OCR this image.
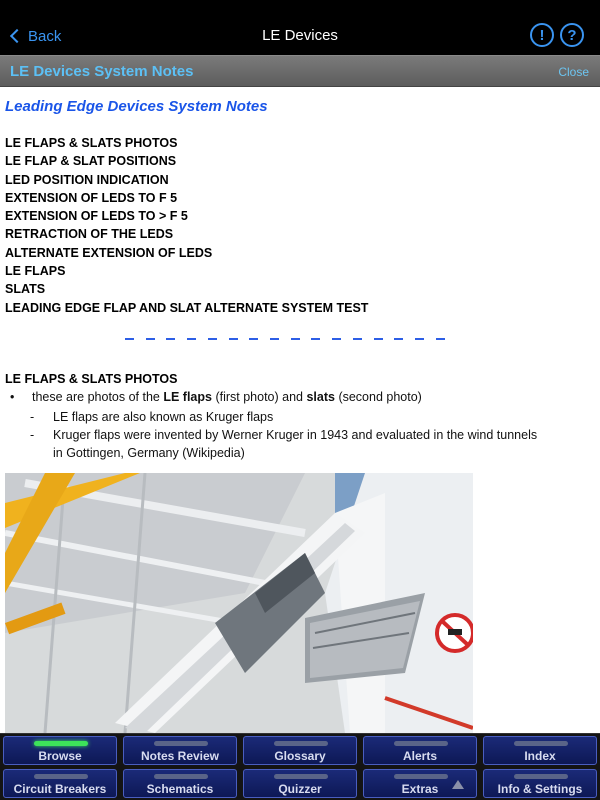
Back	LE Devices	!	?
LE Devices System Notes	Close
Leading Edge Devices System Notes
LE FLAPS & SLATS PHOTOS
LE FLAP & SLAT POSITIONS
LED POSITION INDICATION
EXTENSION OF LEDS TO F 5
EXTENSION OF LEDS TO > F 5
RETRACTION OF THE LEDS
ALTERNATE EXTENSION OF LEDS
LE FLAPS
SLATS
LEADING EDGE FLAP AND SLAT ALTERNATE SYSTEM TEST
LE FLAPS & SLATS PHOTOS
• these are photos of the LE flaps (first photo) and slats (second photo)
- LE flaps are also known as Kruger flaps
- Kruger flaps were invented by Werner Kruger in 1943 and evaluated in the wind tunnels in Gottingen, Germany (Wikipedia)
Browse	Notes Review	Glossary	Alerts	Index
Circuit Breakers	Schematics	Quizzer	Extras	Info & Settings
